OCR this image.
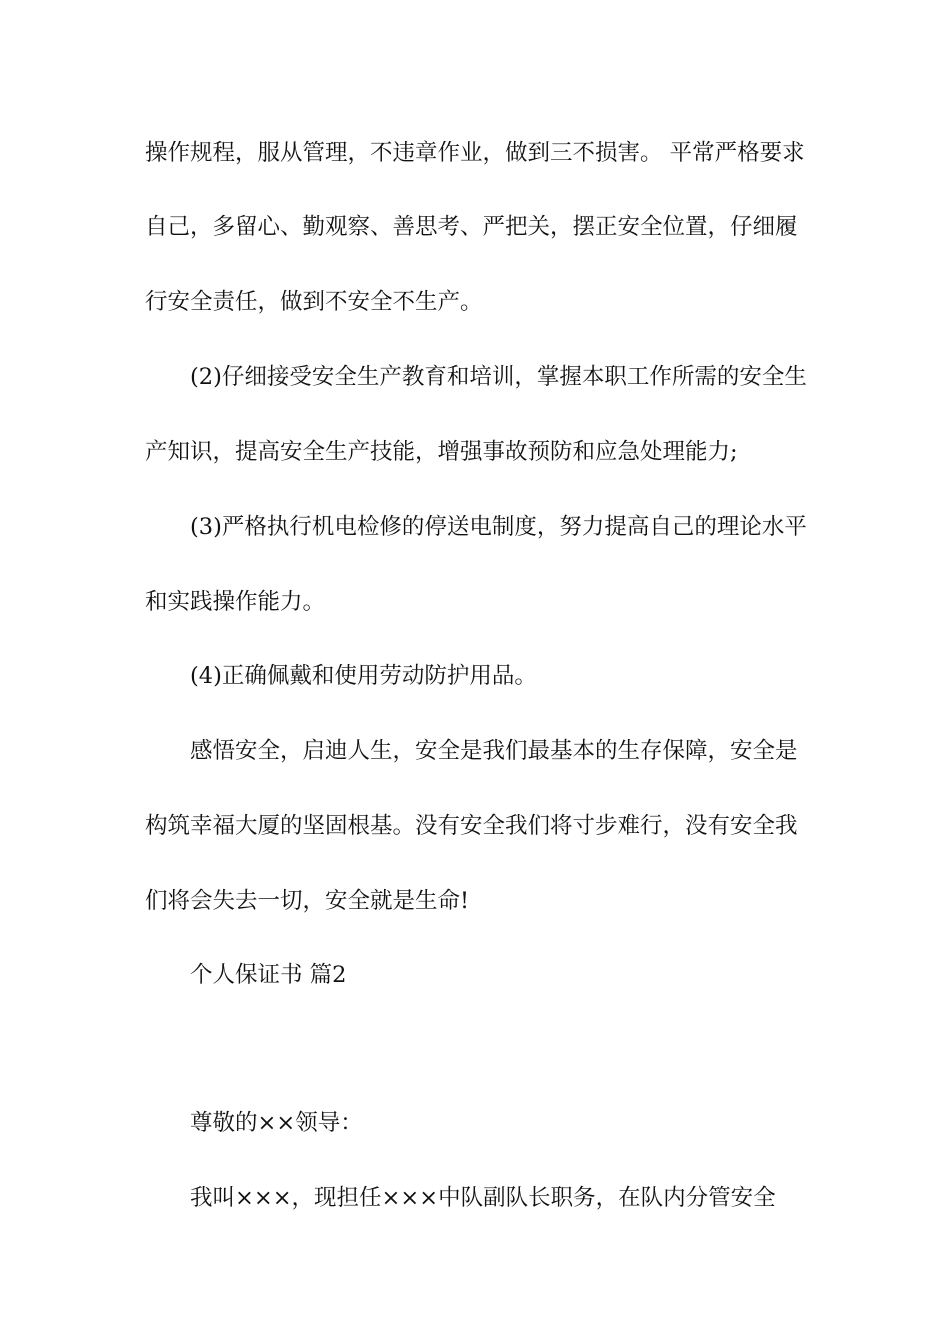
操作规程，服从管理，不违章作业，做到三不损害。 平常严格要求
自己，多留心、勤观察、善思考、严把关，摆正安全位置，仔细履
行安全责任，做到不安全不生产。
(2)仔细接受安全生产教育和培训，掌握本职工作所需的安全生
产知识，提高安全生产技能，增强事故预防和应急处理能力;
(3)严格执行机电检修的停送电制度，努力提高自己的理论水平
和实践操作能力。
(4)正确佩戴和使用劳动防护用品。
感悟安全，启迪人生，安全是我们最基本的生存保障，安全是
构筑幸福大厦的坚固根基。没有安全我们将寸步难行，没有安全我
们将会失去一切，安全就是生命!
个人保证书 篇2
尊敬的××领导：
我叫×××，现担任×××中队副队长职务，在队内分管安全
